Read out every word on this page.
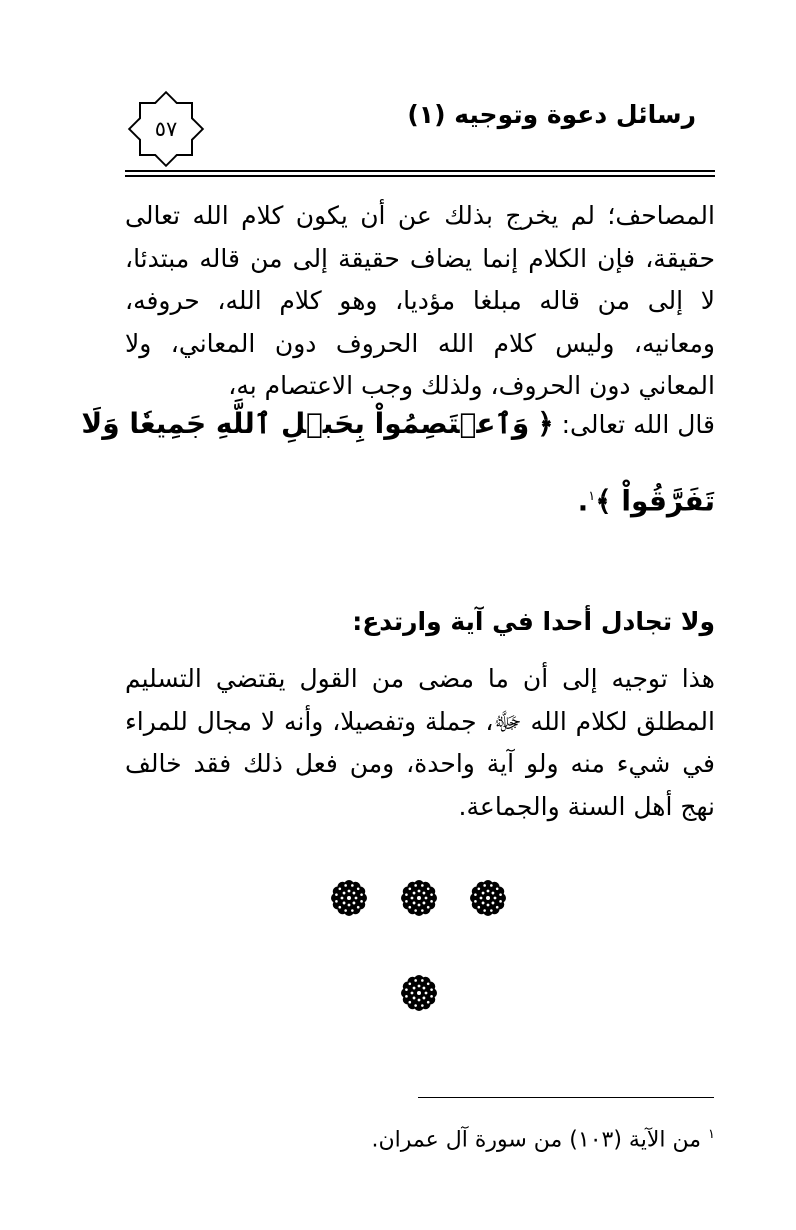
رسائل دعوة وتوجيه (١)
٥٧
المصاحف؛ لم يخرج بذلك عن أن يكون كلام الله تعالى حقيقة، فإن الكلام إنما يضاف حقيقة إلى من قاله مبتدئا، لا إلى من قاله مبلغا مؤديا، وهو كلام الله، حروفه، ومعانيه، وليس كلام الله الحروف دون المعاني، ولا المعاني دون الحروف، ولذلك وجب الاعتصام به،
قال الله تعالى: ﴿ وَٱعۡتَصِمُواْ بِحَبۡلِ ٱللَّهِ جَمِيعٗا وَلَا
تَفَرَّقُواْ ﴾$^١$.
ولا تجادل أحدا في آية وارتدع:
هذا توجيه إلى أن ما مضى من القول يقتضي التسليم المطلق لكلام الله ﷻ، جملة وتفصيلا، وأنه لا مجال للمراء في شيء منه ولو آية واحدة، ومن فعل ذلك فقد خالف نهج أهل السنة والجماعة.
$^١$ من الآية (١٠٣) من سورة آل عمران.
